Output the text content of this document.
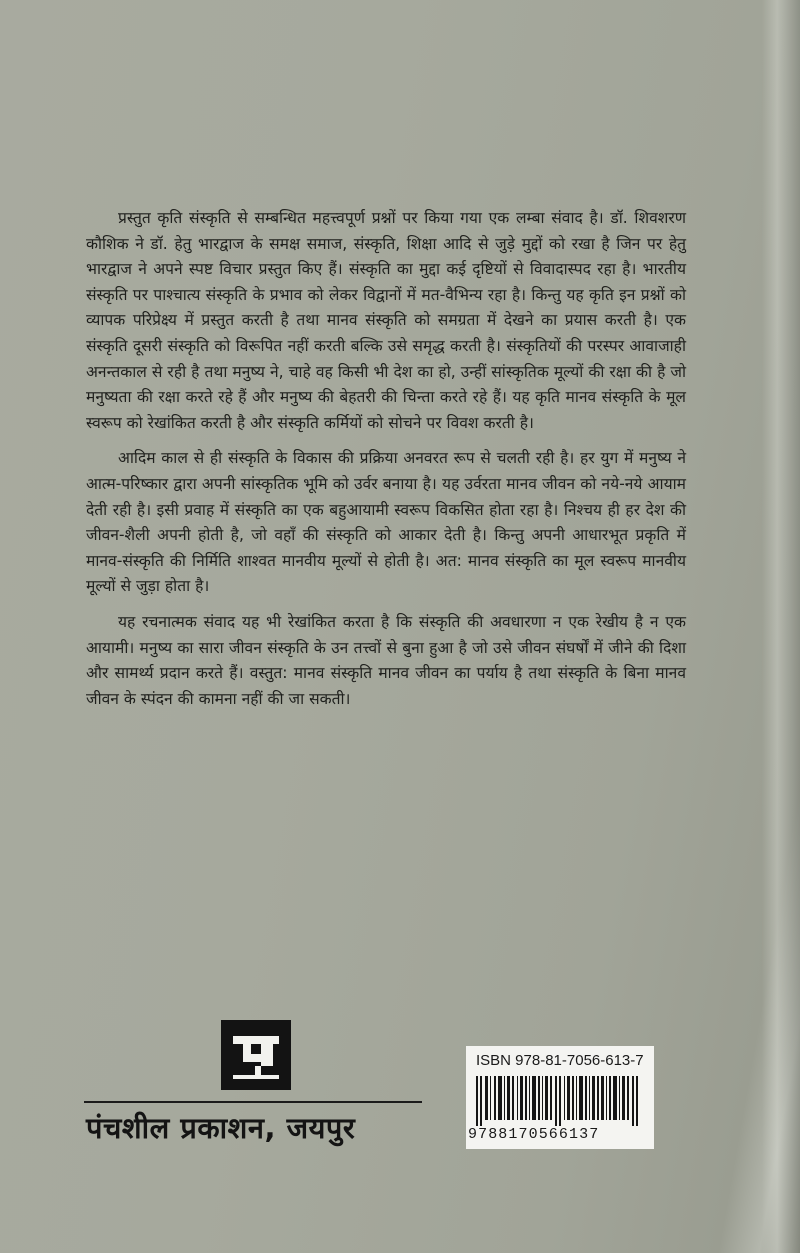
प्रस्तुत कृति संस्कृति से सम्बन्धित महत्त्वपूर्ण प्रश्नों पर किया गया एक लम्बा संवाद है। डॉ. शिवशरण कौशिक ने डॉ. हेतु भारद्वाज के समक्ष समाज, संस्कृति, शिक्षा आदि से जुड़े मुद्दों को रखा है जिन पर हेतु भारद्वाज ने अपने स्पष्ट विचार प्रस्तुत किए हैं। संस्कृति का मुद्दा कई दृष्टियों से विवादास्पद रहा है। भारतीय संस्कृति पर पाश्चात्य संस्कृति के प्रभाव को लेकर विद्वानों में मत-वैभिन्य रहा है। किन्तु यह कृति इन प्रश्नों को व्यापक परिप्रेक्ष्य में प्रस्तुत करती है तथा मानव संस्कृति को समग्रता में देखने का प्रयास करती है। एक संस्कृति दूसरी संस्कृति को विरूपित नहीं करती बल्कि उसे समृद्ध करती है। संस्कृतियों की परस्पर आवाजाही अनन्तकाल से रही है तथा मनुष्य ने, चाहे वह किसी भी देश का हो, उन्हीं सांस्कृतिक मूल्यों की रक्षा की है जो मनुष्यता की रक्षा करते रहे हैं और मनुष्य की बेहतरी की चिन्ता करते रहे हैं। यह कृति मानव संस्कृति के मूल स्वरूप को रेखांकित करती है और संस्कृति कर्मियों को सोचने पर विवश करती है।

आदिम काल से ही संस्कृति के विकास की प्रक्रिया अनवरत रूप से चलती रही है। हर युग में मनुष्य ने आत्म-परिष्कार द्वारा अपनी सांस्कृतिक भूमि को उर्वर बनाया है। यह उर्वरता मानव जीवन को नये-नये आयाम देती रही है। इसी प्रवाह में संस्कृति का एक बहुआयामी स्वरूप विकसित होता रहा है। निश्चय ही हर देश की जीवन-शैली अपनी होती है, जो वहाँ की संस्कृति को आकार देती है। किन्तु अपनी आधारभूत प्रकृति में मानव-संस्कृति की निर्मिति शाश्वत मानवीय मूल्यों से होती है। अत: मानव संस्कृति का मूल स्वरूप मानवीय मूल्यों से जुड़ा होता है।

यह रचनात्मक संवाद यह भी रेखांकित करता है कि संस्कृति की अवधारणा न एक रेखीय है न एक आयामी। मनुष्य का सारा जीवन संस्कृति के उन तत्त्वों से बुना हुआ है जो उसे जीवन संघर्षों में जीने की दिशा और सामर्थ्य प्रदान करते हैं। वस्तुत: मानव संस्कृति मानव जीवन का पर्याय है तथा संस्कृति के बिना मानव जीवन के स्पंदन की कामना नहीं की जा सकती।

पंचशील प्रकाशन, जयपुर
ISBN 978-81-7056-613-7
9788170566137
